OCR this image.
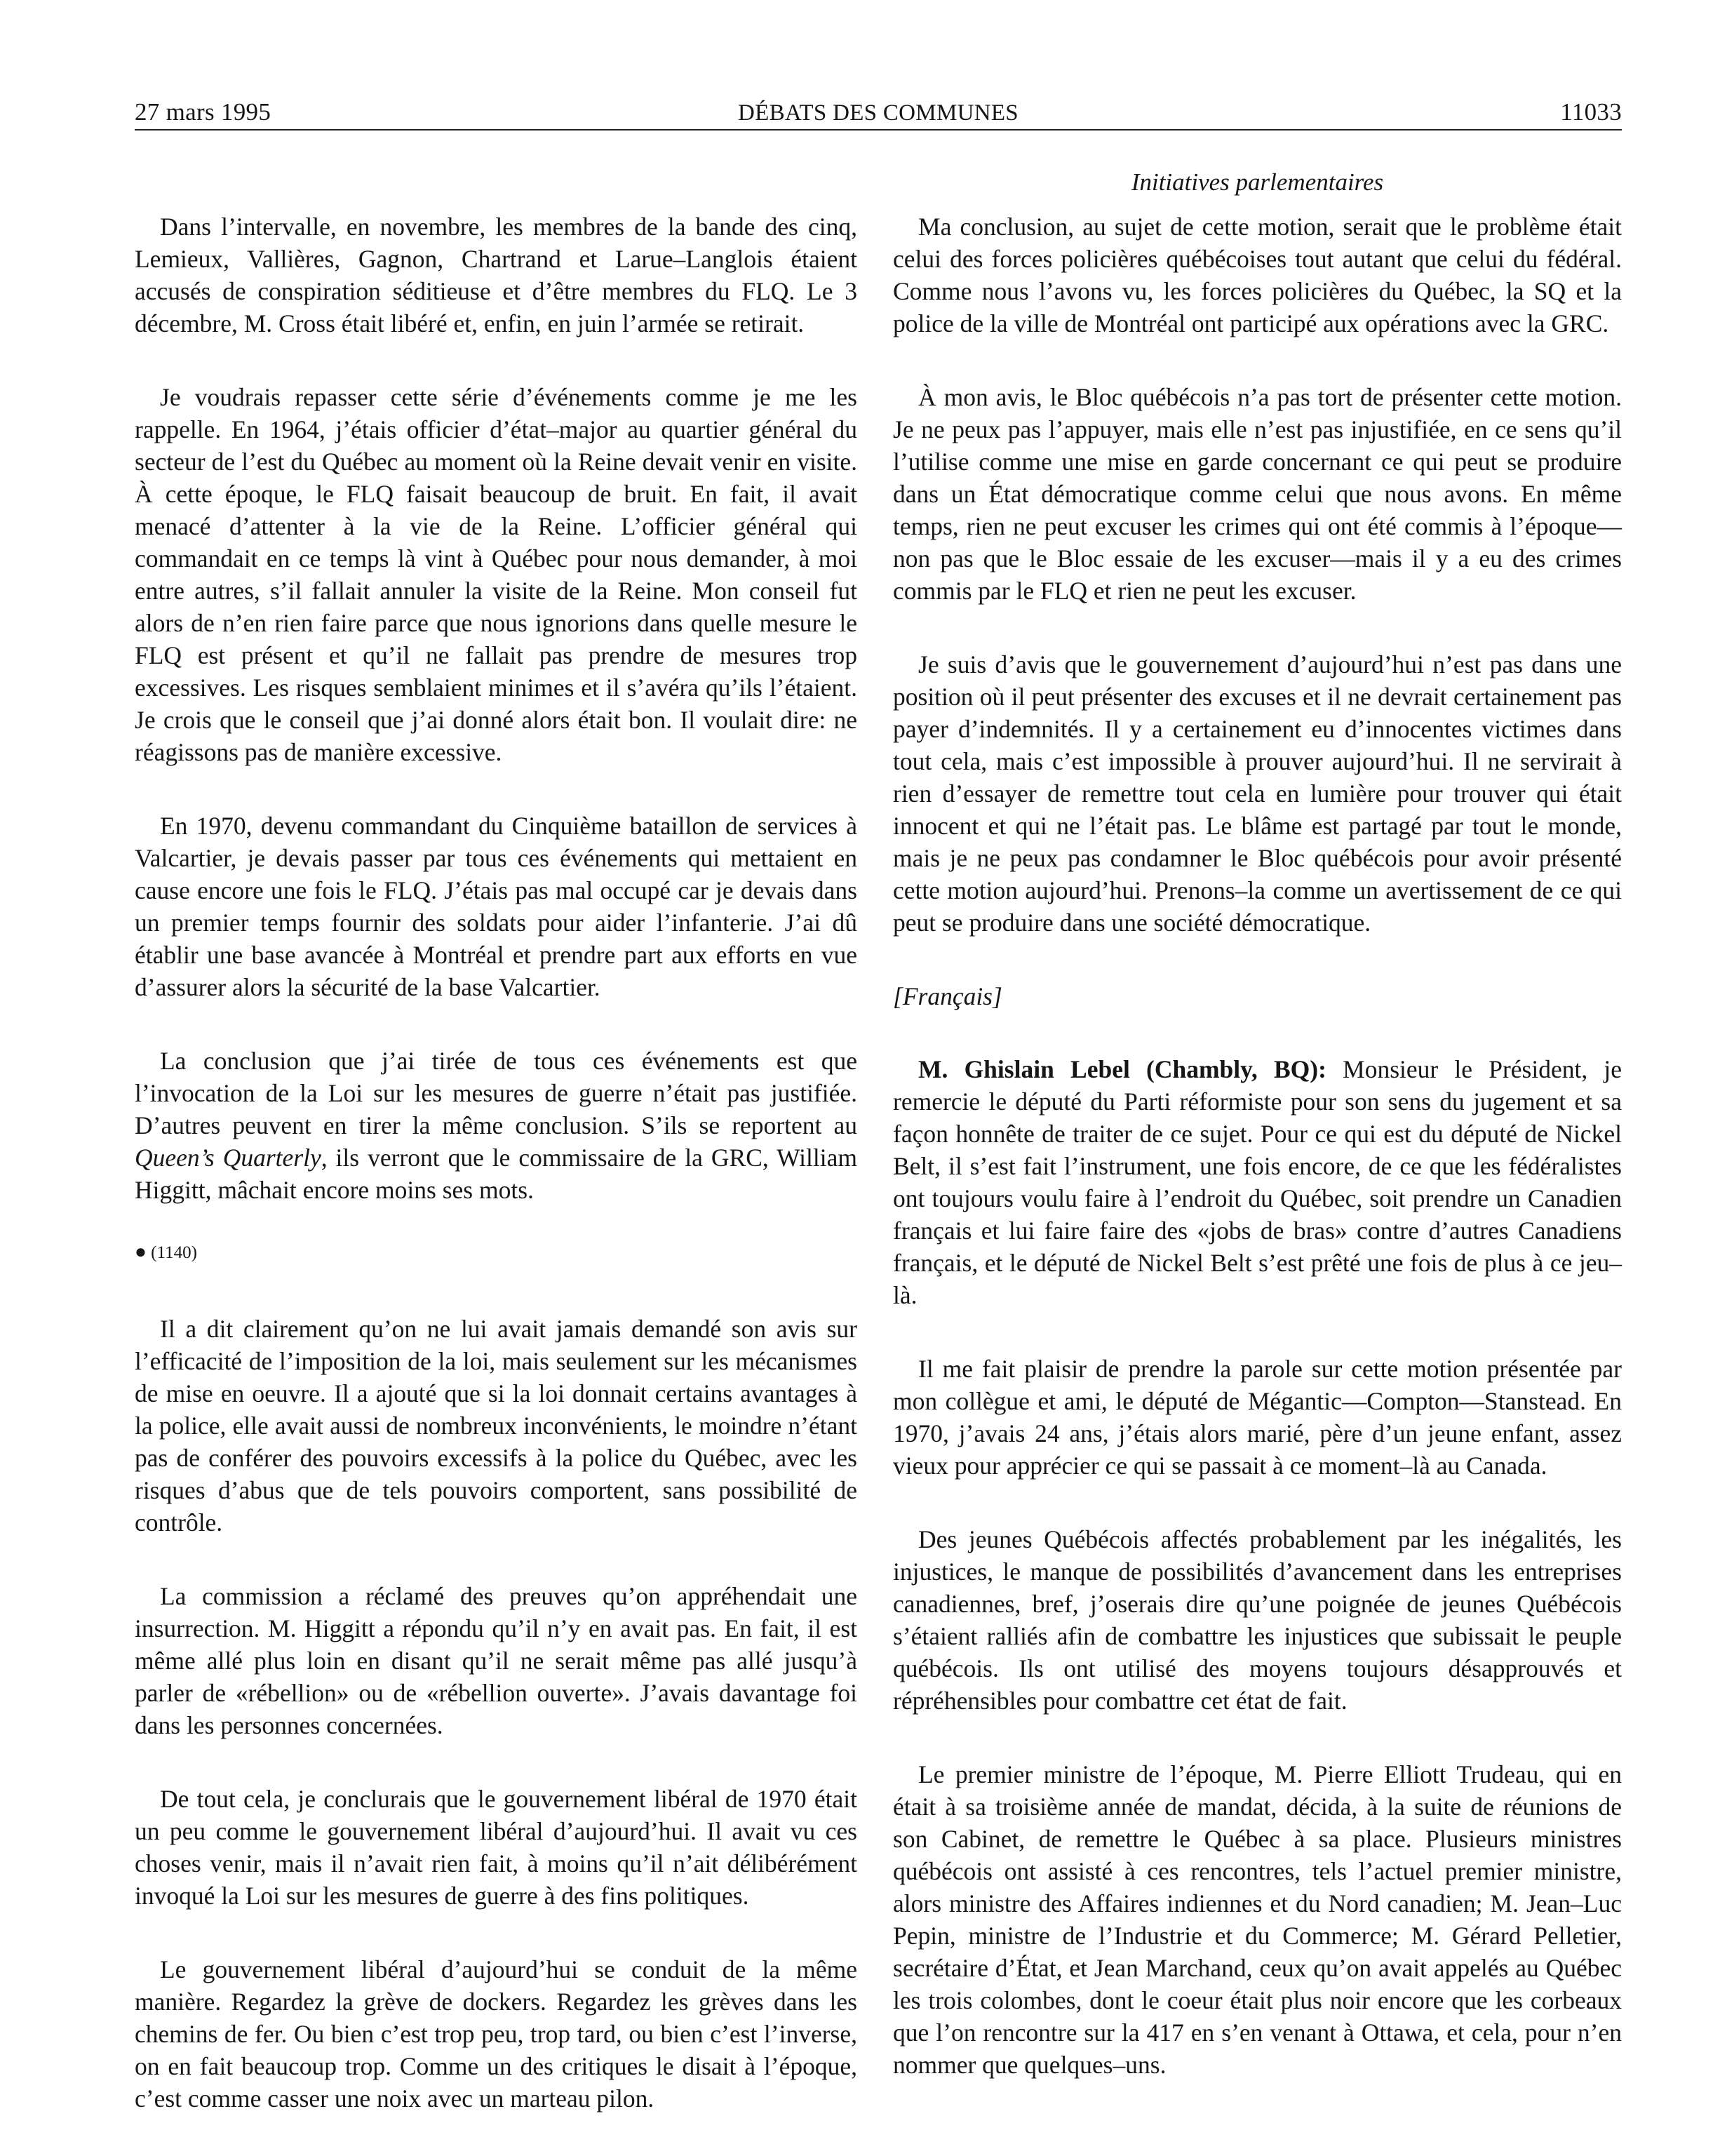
27 mars 1995	DÉBATS DES COMMUNES	11033
Initiatives parlementaires

Dans l’intervalle, en novembre, les membres de la bande des cinq, Lemieux, Vallières, Gagnon, Chartrand et Larue–Langlois étaient accusés de conspiration séditieuse et d’être membres du FLQ. Le 3 décembre, M. Cross était libéré et, enfin, en juin l’armée se retirait.

Je voudrais repasser cette série d’événements comme je me les rappelle. En 1964, j’étais officier d’état–major au quartier général du secteur de l’est du Québec au moment où la Reine devait venir en visite. À cette époque, le FLQ faisait beaucoup de bruit. En fait, il avait menacé d’attenter à la vie de la Reine. L’officier général qui commandait en ce temps là vint à Québec pour nous demander, à moi entre autres, s’il fallait annuler la visite de la Reine. Mon conseil fut alors de n’en rien faire parce que nous ignorions dans quelle mesure le FLQ est présent et qu’il ne fallait pas prendre de mesures trop excessives. Les risques semblaient minimes et il s’avéra qu’ils l’étaient. Je crois que le conseil que j’ai donné alors était bon. Il voulait dire: ne réagissons pas de manière excessive.

En 1970, devenu commandant du Cinquième bataillon de services à Valcartier, je devais passer par tous ces événements qui mettaient en cause encore une fois le FLQ. J’étais pas mal occupé car je devais dans un premier temps fournir des soldats pour aider l’infanterie. J’ai dû établir une base avancée à Montréal et prendre part aux efforts en vue d’assurer alors la sécurité de la base Valcartier.

La conclusion que j’ai tirée de tous ces événements est que l’invocation de la Loi sur les mesures de guerre n’était pas justifiée. D’autres peuvent en tirer la même conclusion. S’ils se reportent au Queen’s Quarterly, ils verront que le commissaire de la GRC, William Higgitt, mâchait encore moins ses mots.

● (1140)

Il a dit clairement qu’on ne lui avait jamais demandé son avis sur l’efficacité de l’imposition de la loi, mais seulement sur les mécanismes de mise en oeuvre. Il a ajouté que si la loi donnait certains avantages à la police, elle avait aussi de nombreux inconvénients, le moindre n’étant pas de conférer des pouvoirs excessifs à la police du Québec, avec les risques d’abus que de tels pouvoirs comportent, sans possibilité de contrôle.

La commission a réclamé des preuves qu’on appréhendait une insurrection. M. Higgitt a répondu qu’il n’y en avait pas. En fait, il est même allé plus loin en disant qu’il ne serait même pas allé jusqu’à parler de «rébellion» ou de «rébellion ouverte». J’avais davantage foi dans les personnes concernées.

De tout cela, je conclurais que le gouvernement libéral de 1970 était un peu comme le gouvernement libéral d’aujourd’hui. Il avait vu ces choses venir, mais il n’avait rien fait, à moins qu’il n’ait délibérément invoqué la Loi sur les mesures de guerre à des fins politiques.

Le gouvernement libéral d’aujourd’hui se conduit de la même manière. Regardez la grève de dockers. Regardez les grèves dans les chemins de fer. Ou bien c’est trop peu, trop tard, ou bien c’est l’inverse, on en fait beaucoup trop. Comme un des critiques le disait à l’époque, c’est comme casser une noix avec un marteau pilon.

Ma conclusion, au sujet de cette motion, serait que le problème était celui des forces policières québécoises tout autant que celui du fédéral. Comme nous l’avons vu, les forces policières du Québec, la SQ et la police de la ville de Montréal ont participé aux opérations avec la GRC.

À mon avis, le Bloc québécois n’a pas tort de présenter cette motion. Je ne peux pas l’appuyer, mais elle n’est pas injustifiée, en ce sens qu’il l’utilise comme une mise en garde concernant ce qui peut se produire dans un État démocratique comme celui que nous avons. En même temps, rien ne peut excuser les crimes qui ont été commis à l’époque—non pas que le Bloc essaie de les excuser—mais il y a eu des crimes commis par le FLQ et rien ne peut les excuser.

Je suis d’avis que le gouvernement d’aujourd’hui n’est pas dans une position où il peut présenter des excuses et il ne devrait certainement pas payer d’indemnités. Il y a certainement eu d’innocentes victimes dans tout cela, mais c’est impossible à prouver aujourd’hui. Il ne servirait à rien d’essayer de remettre tout cela en lumière pour trouver qui était innocent et qui ne l’était pas. Le blâme est partagé par tout le monde, mais je ne peux pas condamner le Bloc québécois pour avoir présenté cette motion aujourd’hui. Prenons–la comme un avertissement de ce qui peut se produire dans une société démocratique.

[Français]

M. Ghislain Lebel (Chambly, BQ): Monsieur le Président, je remercie le député du Parti réformiste pour son sens du jugement et sa façon honnête de traiter de ce sujet. Pour ce qui est du député de Nickel Belt, il s’est fait l’instrument, une fois encore, de ce que les fédéralistes ont toujours voulu faire à l’endroit du Québec, soit prendre un Canadien français et lui faire faire des «jobs de bras» contre d’autres Canadiens français, et le député de Nickel Belt s’est prêté une fois de plus à ce jeu–là.

Il me fait plaisir de prendre la parole sur cette motion présentée par mon collègue et ami, le député de Mégantic—Compton—Stanstead. En 1970, j’avais 24 ans, j’étais alors marié, père d’un jeune enfant, assez vieux pour apprécier ce qui se passait à ce moment–là au Canada.

Des jeunes Québécois affectés probablement par les inégalités, les injustices, le manque de possibilités d’avancement dans les entreprises canadiennes, bref, j’oserais dire qu’une poignée de jeunes Québécois s’étaient ralliés afin de combattre les injustices que subissait le peuple québécois. Ils ont utilisé des moyens toujours désapprouvés et répréhensibles pour combattre cet état de fait.

Le premier ministre de l’époque, M. Pierre Elliott Trudeau, qui en était à sa troisième année de mandat, décida, à la suite de réunions de son Cabinet, de remettre le Québec à sa place. Plusieurs ministres québécois ont assisté à ces rencontres, tels l’actuel premier ministre, alors ministre des Affaires indiennes et du Nord canadien; M. Jean–Luc Pepin, ministre de l’Industrie et du Commerce; M. Gérard Pelletier, secrétaire d’État, et Jean Marchand, ceux qu’on avait appelés au Québec les trois colombes, dont le coeur était plus noir encore que les corbeaux que l’on rencontre sur la 417 en s’en venant à Ottawa, et cela, pour n’en nommer que quelques–uns.
